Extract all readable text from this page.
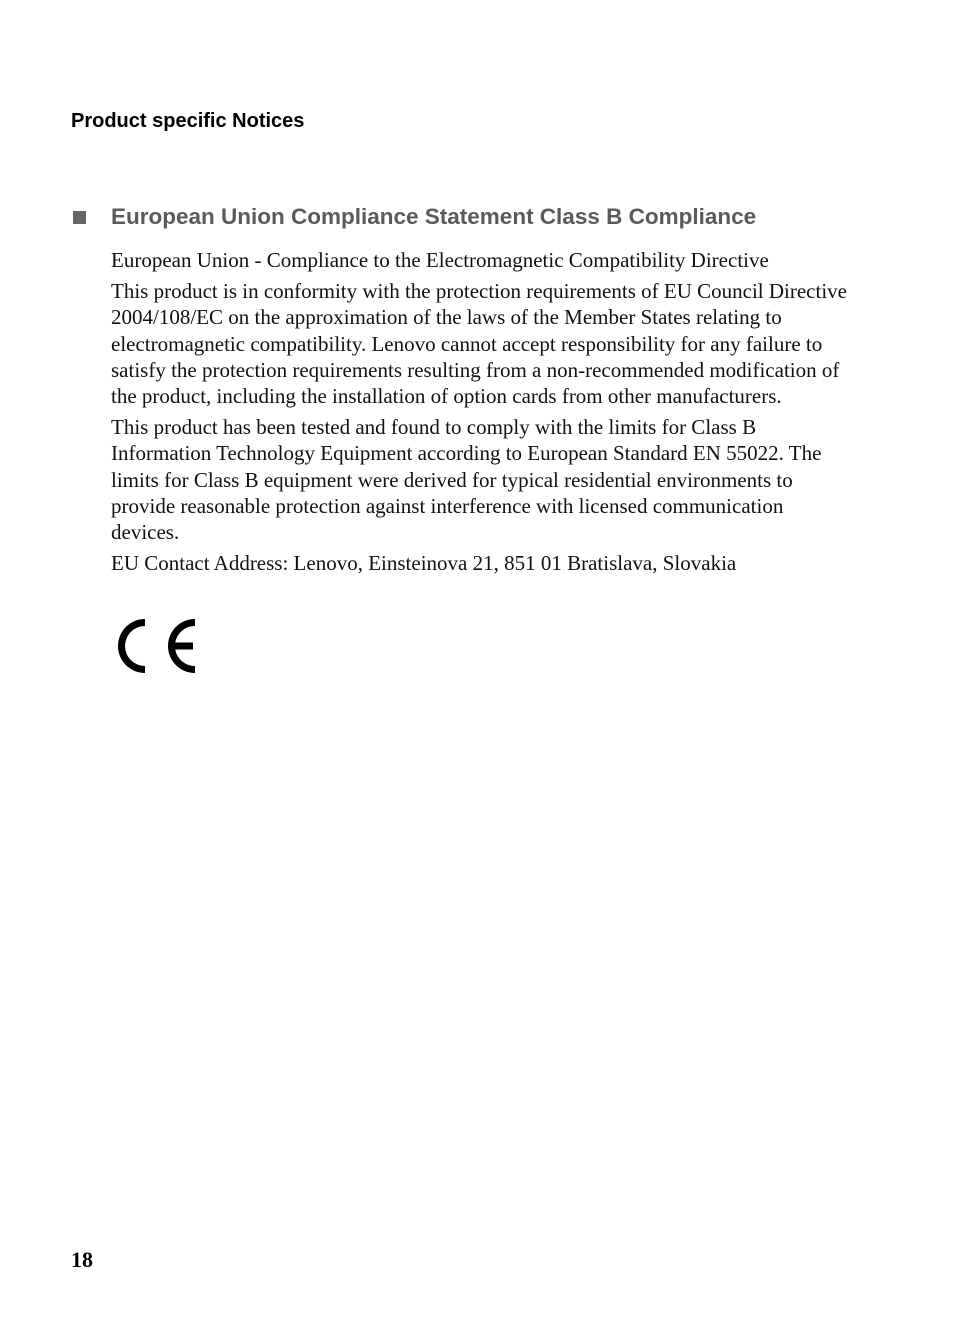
Product specific Notices
European Union Compliance Statement Class B Compliance

European Union - Compliance to the Electromagnetic Compatibility Directive

This product is in conformity with the protection requirements of EU Council Directive 2004/108/EC on the approximation of the laws of the Member States relating to electromagnetic compatibility. Lenovo cannot accept responsibility for any failure to satisfy the protection requirements resulting from a non-recommended modification of the product, including the installation of option cards from other manufacturers.

This product has been tested and found to comply with the limits for Class B Information Technology Equipment according to European Standard EN 55022. The limits for Class B equipment were derived for typical residential environments to provide reasonable protection against interference with licensed communication devices.

EU Contact Address: Lenovo, Einsteinova 21, 851 01 Bratislava, Slovakia

18
